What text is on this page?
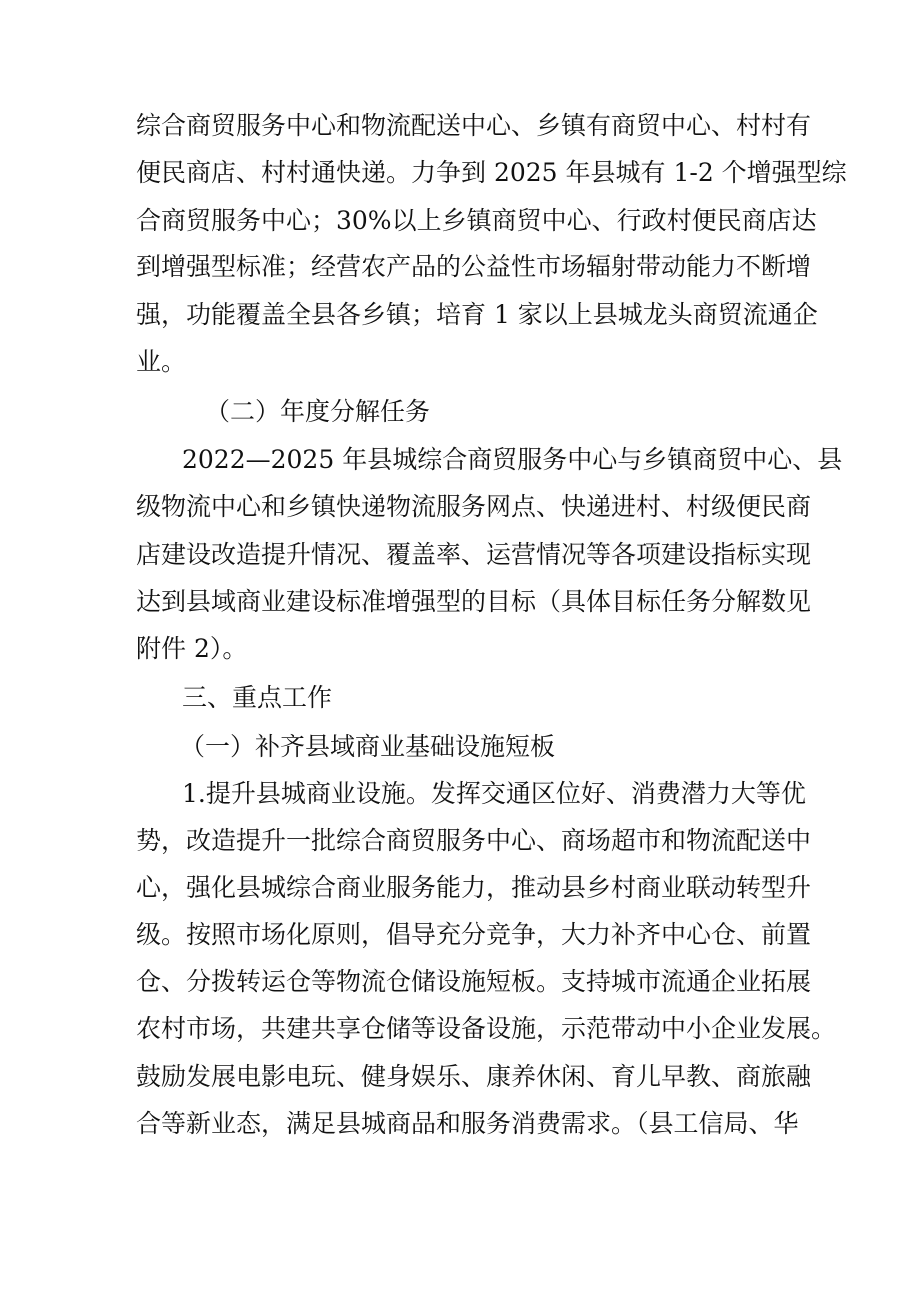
综合商贸服务中心和物流配送中心、乡镇有商贸中心、村村有
便民商店、村村通快递。力争到 2025 年县城有 1-2 个增强型综
合商贸服务中心；30%以上乡镇商贸中心、行政村便民商店达
到增强型标准；经营农产品的公益性市场辐射带动能力不断增
强，功能覆盖全县各乡镇；培育 1 家以上县城龙头商贸流通企
业。
（二）年度分解任务
2022—2025 年县城综合商贸服务中心与乡镇商贸中心、县
级物流中心和乡镇快递物流服务网点、快递进村、村级便民商
店建设改造提升情况、覆盖率、运营情况等各项建设指标实现
达到县域商业建设标准增强型的目标（具体目标任务分解数见
附件 2）。
三、重点工作
（一）补齐县域商业基础设施短板
1.提升县城商业设施。发挥交通区位好、消费潜力大等优
势，改造提升一批综合商贸服务中心、商场超市和物流配送中
心，强化县城综合商业服务能力，推动县乡村商业联动转型升
级。按照市场化原则，倡导充分竞争，大力补齐中心仓、前置
仓、分拨转运仓等物流仓储设施短板。支持城市流通企业拓展
农村市场，共建共享仓储等设备设施，示范带动中小企业发展。
鼓励发展电影电玩、健身娱乐、康养休闲、育儿早教、商旅融
合等新业态，满足县城商品和服务消费需求。（县工信局、华
